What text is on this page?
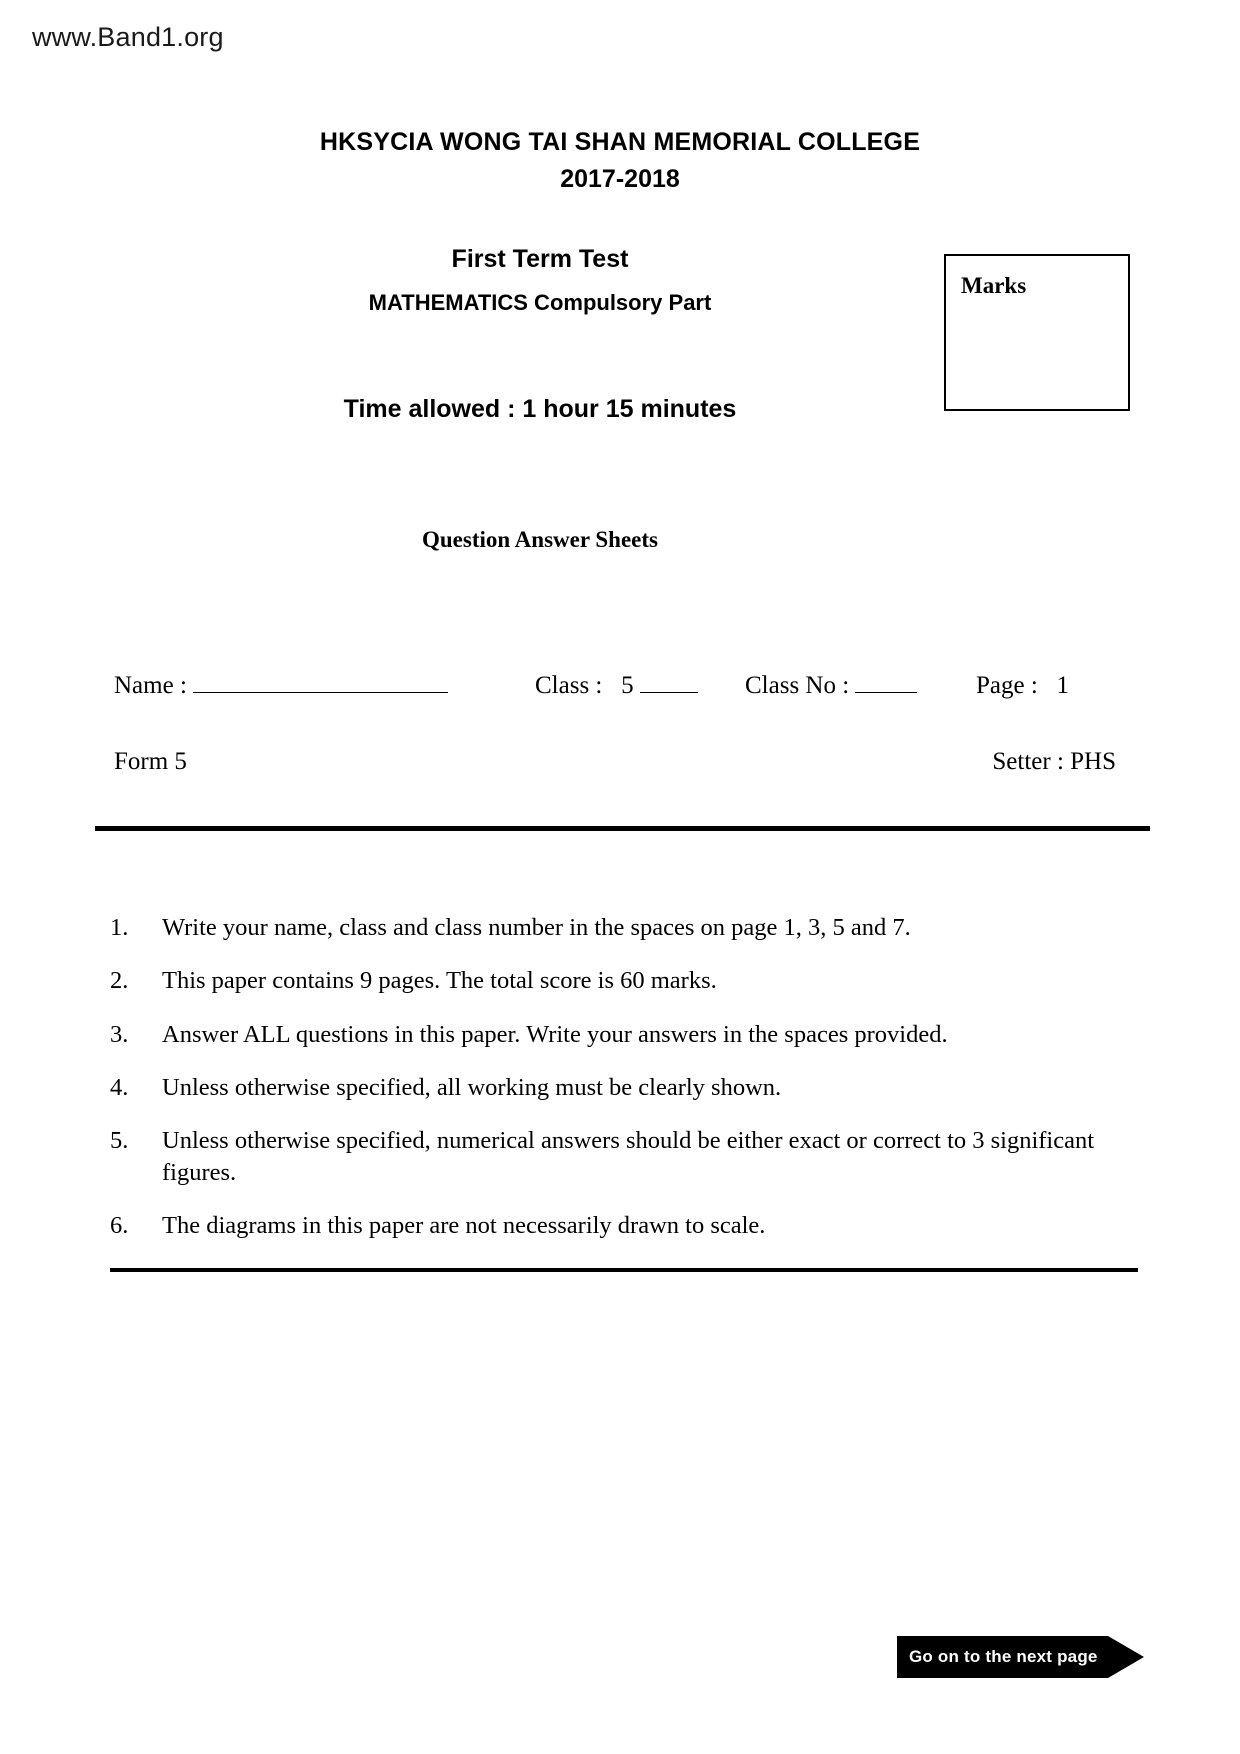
www.Band1.org
HKSYCIA WONG TAI SHAN MEMORIAL COLLEGE
2017-2018
First Term Test
MATHEMATICS Compulsory Part
Time allowed : 1 hour 15 minutes
Marks
Question Answer Sheets
Name :	Class : 5	Class No :	Page : 1
Form 5	Setter : PHS
1.	Write your name, class and class number in the spaces on page 1, 3, 5 and 7.
2.	This paper contains 9 pages. The total score is 60 marks.
3.	Answer ALL questions in this paper. Write your answers in the spaces provided.
4.	Unless otherwise specified, all working must be clearly shown.
5.	Unless otherwise specified, numerical answers should be either exact or correct to 3 significant figures.
6.	The diagrams in this paper are not necessarily drawn to scale.
Go on to the next page
